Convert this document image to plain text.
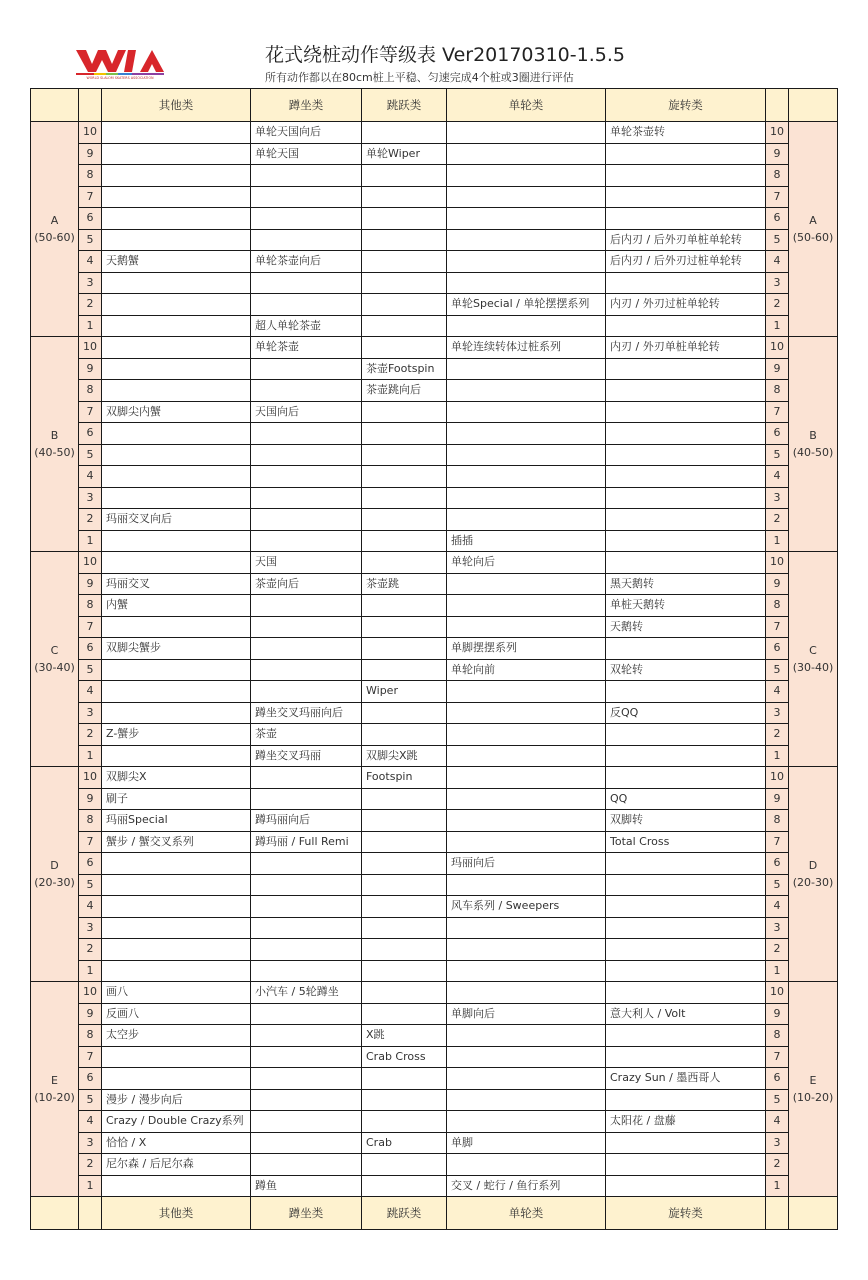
WORLD SLALOM SKATERS ASSOCIATION
花式绕桩动作等级表 Ver20170310-1.5.5
所有动作都以在80cm桩上平稳、匀速完成4个桩或3圈进行评估
		其他类	蹲坐类	跳跃类	单轮类	旋转类		

A
(50-60)	10		单轮天国向后			单轮茶壶转	10	A
(50-60)

	9		单轮天国	单轮Wiper			9	
	8						8	
	7						7	
	6						6	
	5					后内刃 / 后外刃单桩单轮转	5	
	4	天鹅蟹	单轮茶壶向后			后内刃 / 后外刃过桩单轮转	4	
	3						3	
	2				单轮Special / 单轮摆摆系列	内刃 / 外刃过桩单轮转	2	
	1		超人单轮茶壶				1	

B
(40-50)	10		单轮茶壶		单轮连续转体过桩系列	内刃 / 外刃单桩单轮转	10	B
(40-50)

	9			茶壶Footspin			9	
	8			茶壶跳向后			8	
	7	双脚尖内蟹	天国向后				7	
	6						6	
	5						5	
	4						4	
	3						3	
	2	玛丽交叉向后					2	
	1				插插		1	

C
(30-40)	10		天国		单轮向后		10	C
(30-40)

	9	玛丽交叉	茶壶向后	茶壶跳		黑天鹅转	9	
	8	内蟹				单桩天鹅转	8	
	7					天鹅转	7	
	6	双脚尖蟹步			单脚摆摆系列		6	
	5				单轮向前	双轮转	5	
	4			Wiper			4	
	3		蹲坐交叉玛丽向后			反QQ	3	
	2	Z-蟹步	茶壶				2	
	1		蹲坐交叉玛丽	双脚尖X跳			1	

D
(20-30)	10	双脚尖X		Footspin			10	D
(20-30)

	9	刷子				QQ	9	
	8	玛丽Special	蹲玛丽向后			双脚转	8	
	7	蟹步 / 蟹交叉系列	蹲玛丽 / Full Remi			Total Cross	7	
	6				玛丽向后		6	
	5						5	
	4				风车系列 / Sweepers		4	
	3						3	
	2						2	
	1						1	

E
(10-20)	10	画八	小汽车 / 5轮蹲坐				10	E
(10-20)

	9	反画八			单脚向后	意大利人 / Volt	9	
	8	太空步		X跳			8	
	7			Crab Cross			7	
	6					Crazy Sun / 墨西哥人	6	
	5	漫步 / 漫步向后					5	
	4	Crazy / Double Crazy系列				太阳花 / 盘藤	4	
	3	恰恰 / X		Crab	单脚		3	
	2	尼尔森 / 后尼尔森					2	
	1		蹲鱼		交叉 / 蛇行 / 鱼行系列		1	
		其他类	蹲坐类	跳跃类	单轮类	旋转类		
